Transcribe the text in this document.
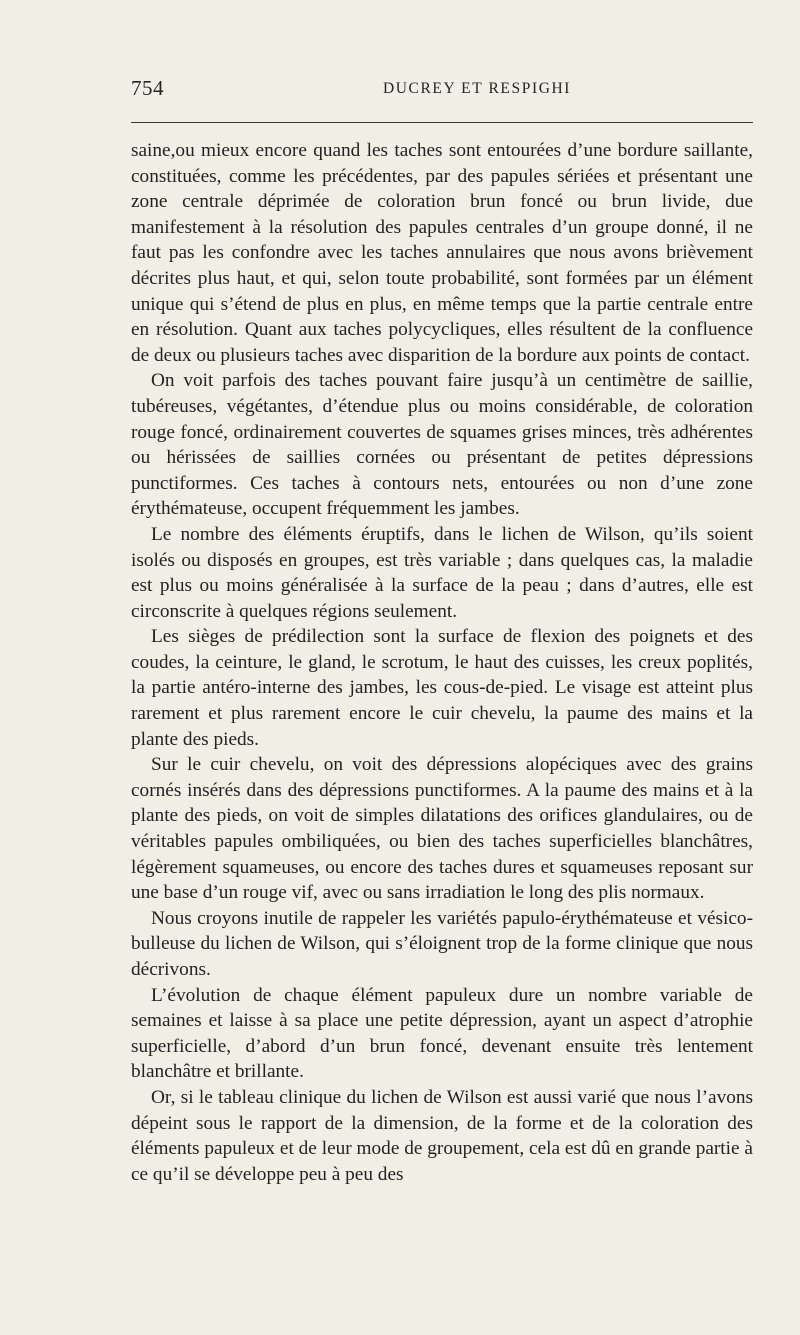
754	DUCREY ET RESPIGHI

saine,ou mieux encore quand les taches sont entourées d’une bordure saillante, constituées, comme les précédentes, par des papules sériées et présentant une zone centrale déprimée de coloration brun foncé ou brun livide, due manifestement à la résolution des papules centrales d’un groupe donné, il ne faut pas les confondre avec les taches annulaires que nous avons brièvement décrites plus haut, et qui, selon toute probabilité, sont formées par un élément unique qui s’étend de plus en plus, en même temps que la partie centrale entre en résolution. Quant aux taches polycycliques, elles résultent de la confluence de deux ou plusieurs taches avec disparition de la bordure aux points de contact.

On voit parfois des taches pouvant faire jusqu’à un centimètre de saillie, tubéreuses, végétantes, d’étendue plus ou moins considérable, de coloration rouge foncé, ordinairement couvertes de squames grises minces, très adhérentes ou hérissées de saillies cornées ou présentant de petites dépressions punctiformes. Ces taches à contours nets, entourées ou non d’une zone érythémateuse, occupent fréquemment les jambes.

Le nombre des éléments éruptifs, dans le lichen de Wilson, qu’ils soient isolés ou disposés en groupes, est très variable ; dans quelques cas, la maladie est plus ou moins généralisée à la surface de la peau ; dans d’autres, elle est circonscrite à quelques régions seulement.

Les sièges de prédilection sont la surface de flexion des poignets et des coudes, la ceinture, le gland, le scrotum, le haut des cuisses, les creux poplités, la partie antéro-interne des jambes, les cous-de-pied. Le visage est atteint plus rarement et plus rarement encore le cuir chevelu, la paume des mains et la plante des pieds.

Sur le cuir chevelu, on voit des dépressions alopéciques avec des grains cornés insérés dans des dépressions punctiformes. A la paume des mains et à la plante des pieds, on voit de simples dilatations des orifices glandulaires, ou de véritables papules ombiliquées, ou bien des taches superficielles blanchâtres, légèrement squameuses, ou encore des taches dures et squameuses reposant sur une base d’un rouge vif, avec ou sans irradiation le long des plis normaux.

Nous croyons inutile de rappeler les variétés papulo-érythémateuse et vésico-bulleuse du lichen de Wilson, qui s’éloignent trop de la forme clinique que nous décrivons.

L’évolution de chaque élément papuleux dure un nombre variable de semaines et laisse à sa place une petite dépression, ayant un aspect d’atrophie superficielle, d’abord d’un brun foncé, devenant ensuite très lentement blanchâtre et brillante.

Or, si le tableau clinique du lichen de Wilson est aussi varié que nous l’avons dépeint sous le rapport de la dimension, de la forme et de la coloration des éléments papuleux et de leur mode de groupement, cela est dû en grande partie à ce qu’il se développe peu à peu des
